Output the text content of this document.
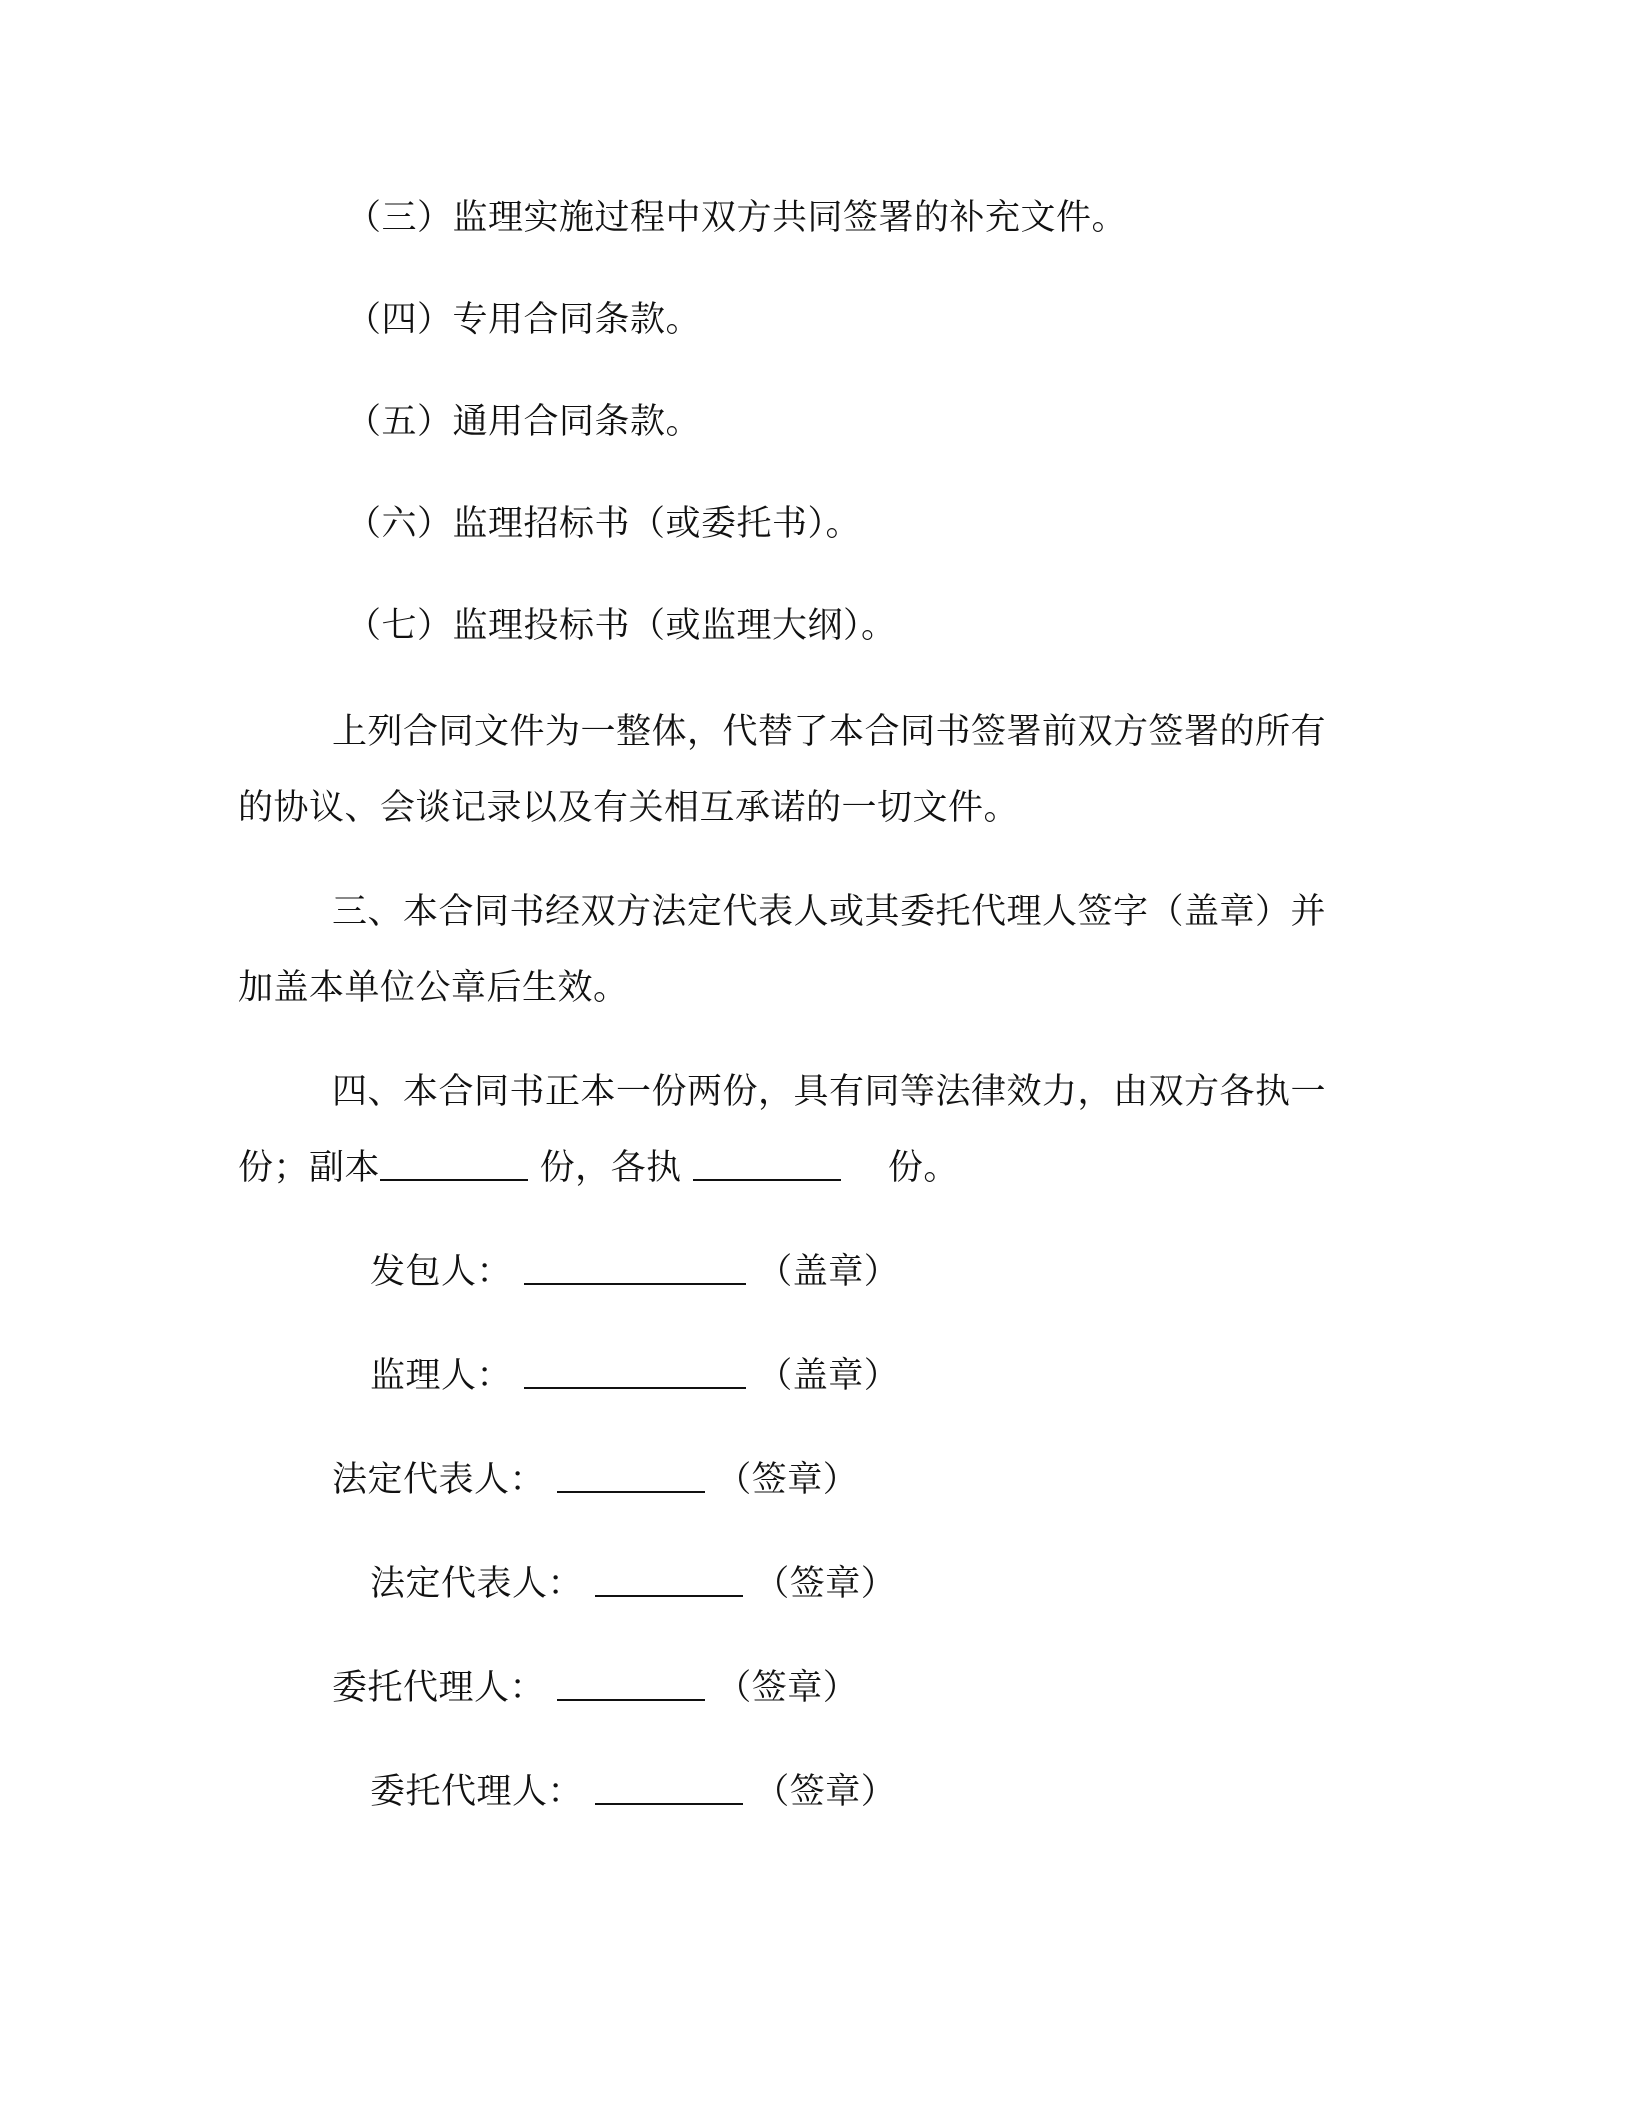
（三）监理实施过程中双方共同签署的补充文件。
（四）专用合同条款。
（五）通用合同条款。
（六）监理招标书（或委托书）。
（七）监理投标书（或监理大纲）。
上列合同文件为一整体，代替了本合同书签署前双方签署的所有
的协议、会谈记录以及有关相互承诺的一切文件。
三、本合同书经双方法定代表人或其委托代理人签字（盖章）并
加盖本单位公章后生效。
四、本合同书正本一份两份，具有同等法律效力，由双方各执一
份；副本	份，各执	份。
发包人：	（盖章）
监理人：	（盖章）
法定代表人：	（签章）
法定代表人：	（签章）
委托代理人：	（签章）
委托代理人：	（签章）
